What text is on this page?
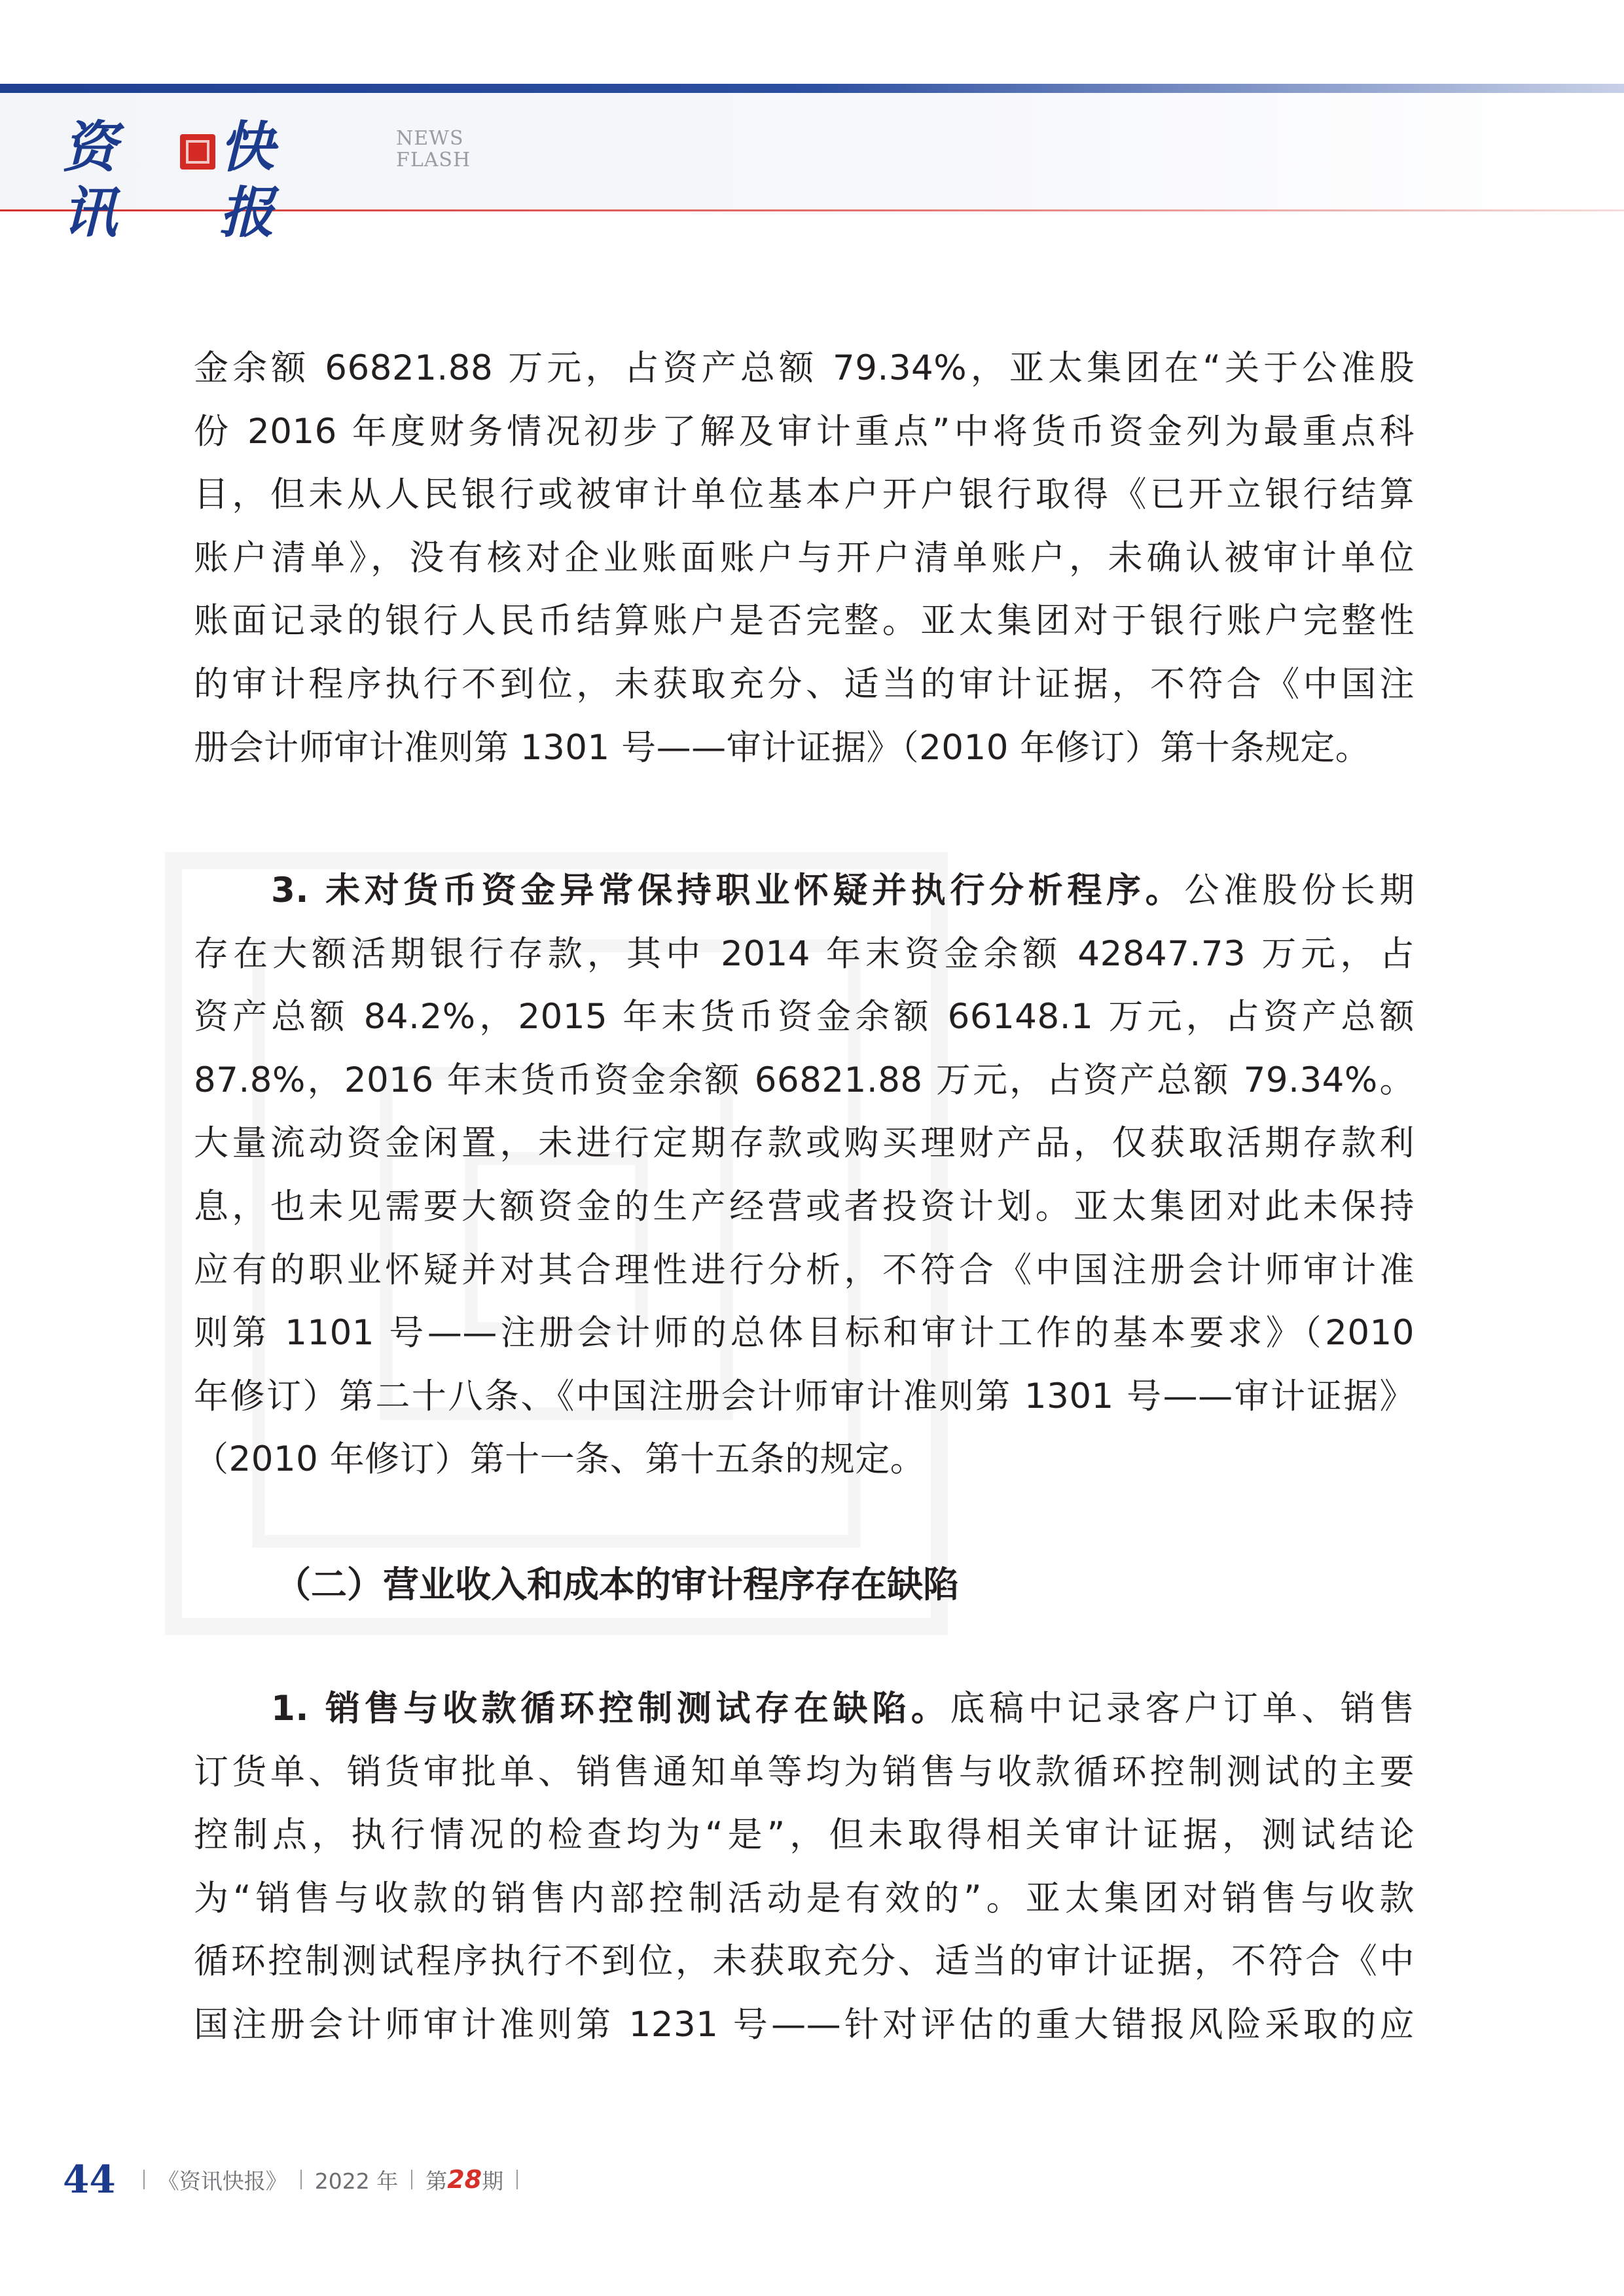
资讯
快报
NEWS
FLASH
金余额 66821.88 万元，占资产总额 79.34%，亚太集团在“关于公准股
份 2016 年度财务情况初步了解及审计重点”中将货币资金列为最重点科
目，但未从人民银行或被审计单位基本户开户银行取得《已开立银行结算
账户清单》，没有核对企业账面账户与开户清单账户，未确认被审计单位
账面记录的银行人民币结算账户是否完整。亚太集团对于银行账户完整性
的审计程序执行不到位，未获取充分、适当的审计证据，不符合《中国注
册会计师审计准则第 1301 号——审计证据》（2010 年修订）第十条规定。
3. 未对货币资金异常保持职业怀疑并执行分析程序。公准股份长期
存在大额活期银行存款，其中 2014 年末资金余额 42847.73 万元，占
资产总额 84.2%，2015 年末货币资金余额 66148.1 万元，占资产总额
87.8%，2016 年末货币资金余额 66821.88 万元，占资产总额 79.34%。
大量流动资金闲置，未进行定期存款或购买理财产品，仅获取活期存款利
息，也未见需要大额资金的生产经营或者投资计划。亚太集团对此未保持
应有的职业怀疑并对其合理性进行分析，不符合《中国注册会计师审计准
则第 1101 号——注册会计师的总体目标和审计工作的基本要求》（2010
年修订）第二十八条、《中国注册会计师审计准则第 1301 号——审计证据》
（2010 年修订）第十一条、第十五条的规定。
（二）营业收入和成本的审计程序存在缺陷
1. 销售与收款循环控制测试存在缺陷。底稿中记录客户订单、销售
订货单、销货审批单、销售通知单等均为销售与收款循环控制测试的主要
控制点，执行情况的检查均为“是”，但未取得相关审计证据，测试结论
为“销售与收款的销售内部控制活动是有效的”。亚太集团对销售与收款
循环控制测试程序执行不到位，未获取充分、适当的审计证据，不符合《中
国注册会计师审计准则第 1231 号——针对评估的重大错报风险采取的应
44 《资讯快报》 2022 年 第 28 期
